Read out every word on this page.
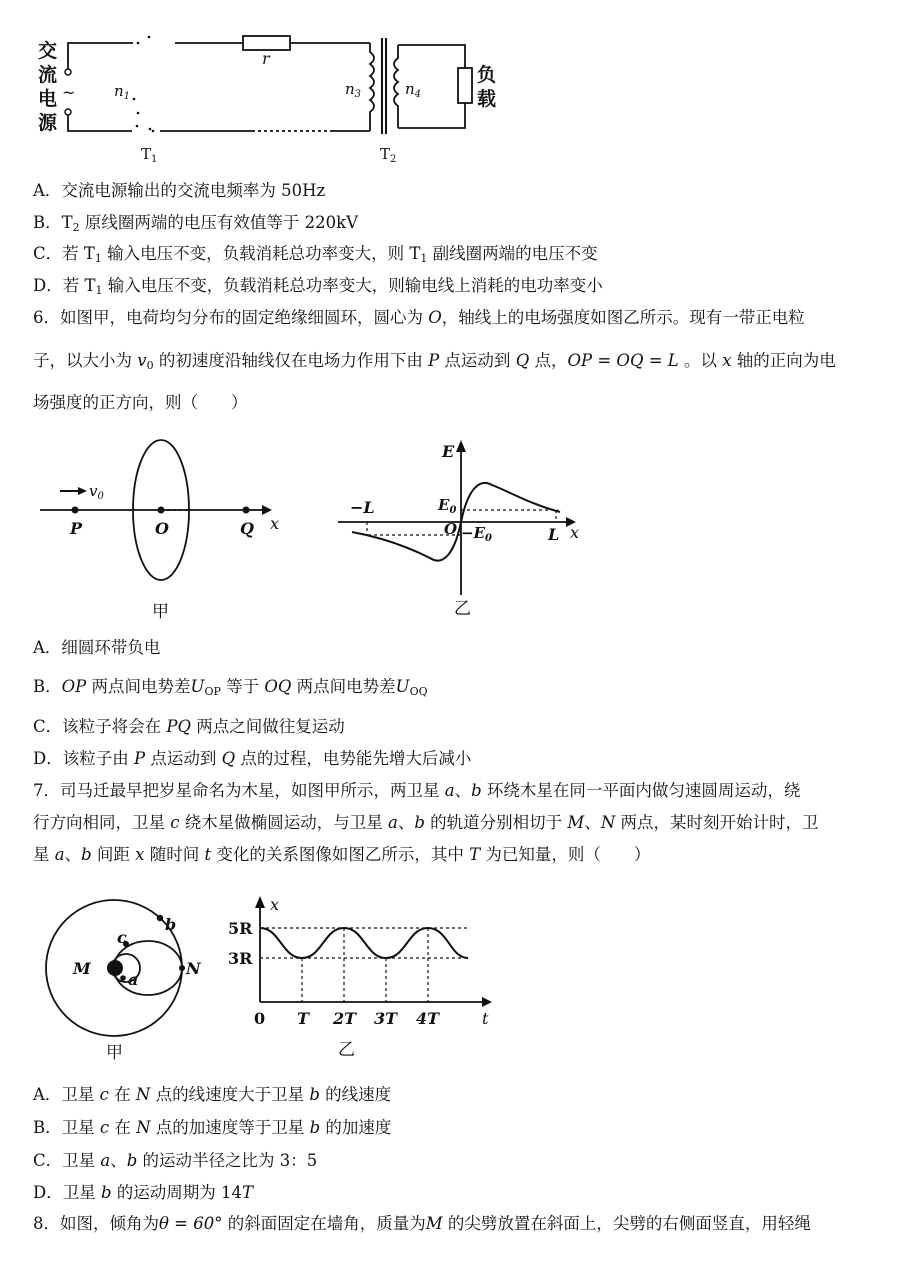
交
流
电
源
~	$n_1$
r
$n_3$	$n_4$
负
载
$T_1$	$T_2$
A．交流电源输出的交流电频率为 50Hz
B．$T_2$ 原线圈两端的电压有效值等于 220kV
C．若 $T_1$ 输入电压不变，负载消耗总功率变大，则 $T_1$ 副线圈两端的电压不变
D．若 $T_1$ 输入电压不变，负载消耗总功率变大，则输电线上消耗的电功率变小
6．如图甲，电荷均匀分布的固定绝缘细圆环，圆心为 O，轴线上的电场强度如图乙所示。现有一带正电粒
子，以大小为 $v_0$ 的初速度沿轴线仅在电场力作用下由 P 点运动到 Q 点，OP = OQ = L 。以 x 轴的正向为电
场强度的正方向，则（　　）
$v_0$
P	O	Q x
甲
E
$E_0$
−L
$O -E_0$	L x
乙
A．细圆环带负电
B．OP 两点间电势差$U_{OP}$ 等于 OQ 两点间电势差$U_{OQ}$
C．该粒子将会在 PQ 两点之间做往复运动
D．该粒子由 P 点运动到 Q 点的过程，电势能先增大后减小
7．司马迁最早把岁星命名为木星，如图甲所示，两卫星 a、b 环绕木星在同一平面内做匀速圆周运动，绕
行方向相同，卫星 c 绕木星做椭圆运动，与卫星 a、b 的轨道分别相切于 M、N 两点，某时刻开始计时，卫
星 a、b 间距 x 随时间 t 变化的关系图像如图乙所示，其中 T 为已知量，则（　　）
b
c
M
a
N
甲
x
5R
3R
0 T 2T 3T 4T	t
乙
A．卫星 c 在 N 点的线速度大于卫星 b 的线速度
B．卫星 c 在 N 点的加速度等于卫星 b 的加速度
C．卫星 a、b 的运动半径之比为 3：5
D．卫星 b 的运动周期为 14T
8．如图，倾角为θ = 60° 的斜面固定在墙角，质量为M 的尖劈放置在斜面上，尖劈的右侧面竖直，用轻绳
